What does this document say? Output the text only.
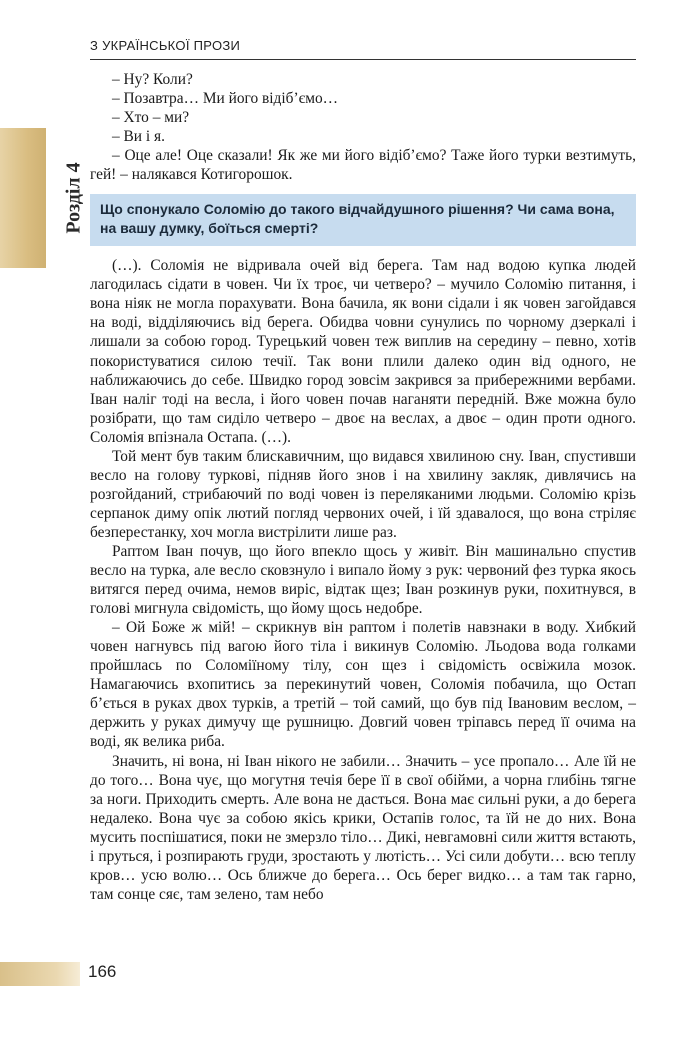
З УКРАЇНСЬКОЇ ПРОЗИ
Розділ 4

– Ну? Коли?

– Позавтра… Ми його відіб’ємо…

– Хто – ми?

– Ви і я.

– Оце але! Оце сказали! Як же ми його відіб’ємо? Таже його турки везтимуть, гей! – налякався Котигорошок.

Що спонукало Соломію до такого відчайдушного рішення? Чи сама вона, на вашу думку, боїться смерті?

(…). Соломія не відривала очей від берега. Там над водою купка людей лагодилась сідати в човен. Чи їх троє, чи четверо? – мучило Соломію питання, і вона ніяк не могла порахувати. Вона бачила, як вони сідали і як човен загойдався на воді, відділяючись від берега. Обидва човни сунулись по чорному дзеркалі і лишали за собою город. Турецький човен теж виплив на середину – певно, хотів покористуватися силою течії. Так вони плили далеко один від одного, не наближаючись до себе. Швидко город зовсім закрився за прибережними вербами. Іван наліг тоді на весла, і його човен почав наганяти передній. Вже можна було розібрати, що там сиділо четверо – двоє на веслах, а двоє – один проти одного. Соломія впізнала Остапа. (…).

Той мент був таким блискавичним, що видався хвилиною сну. Іван, спустивши весло на голову туркові, підняв його знов і на хвилину закляк, дивлячись на розгойданий, стрибаючий по воді човен із переляканими людьми. Соломію крізь серпанок диму опік лютий погляд червоних очей, і їй здавалося, що вона стріляє безперестанку, хоч могла вистрілити лише раз.

Раптом Іван почув, що його впекло щось у живіт. Він машинально спустив весло на турка, але весло сковзнуло і випало йому з рук: червоний фез турка якось витягся перед очима, немов виріс, відтак щез; Іван розкинув руки, похитнувся, в голові мигнула свідомість, що йому щось недобре.

– Ой Боже ж мій! – скрикнув він раптом і полетів навзнаки в воду. Хибкий човен нагнувсь під вагою його тіла і викинув Соломію. Льодова вода голками пройшлась по Соломіїному тілу, сон щез і свідомість освіжила мозок. Намагаючись вхопитись за перекинутий човен, Соломія побачила, що Остап б’ється в руках двох турків, а третій – той самий, що був під Івановим веслом, – держить у руках димучу ще рушницю. Довгий човен тріпавсь перед її очима на воді, як велика риба.

Значить, ні вона, ні Іван нікого не забили… Значить – усе пропало… Але їй не до того… Вона чує, що могутня течія бере її в свої обійми, а чорна глибінь тягне за ноги. Приходить смерть. Але вона не дасться. Вона має сильні руки, а до берега недалеко. Вона чує за собою якісь крики, Остапів голос, та їй не до них. Вона мусить поспішатися, поки не змерзло тіло… Дикі, невгамовні сили життя встають, і пруться, і розпирають груди, зростають у лютість… Усі сили добути… всю теплу кров… усю волю… Ось ближче до берега… Ось берег видко… а там так гарно, там сонце сяє, там зелено, там небо

166
